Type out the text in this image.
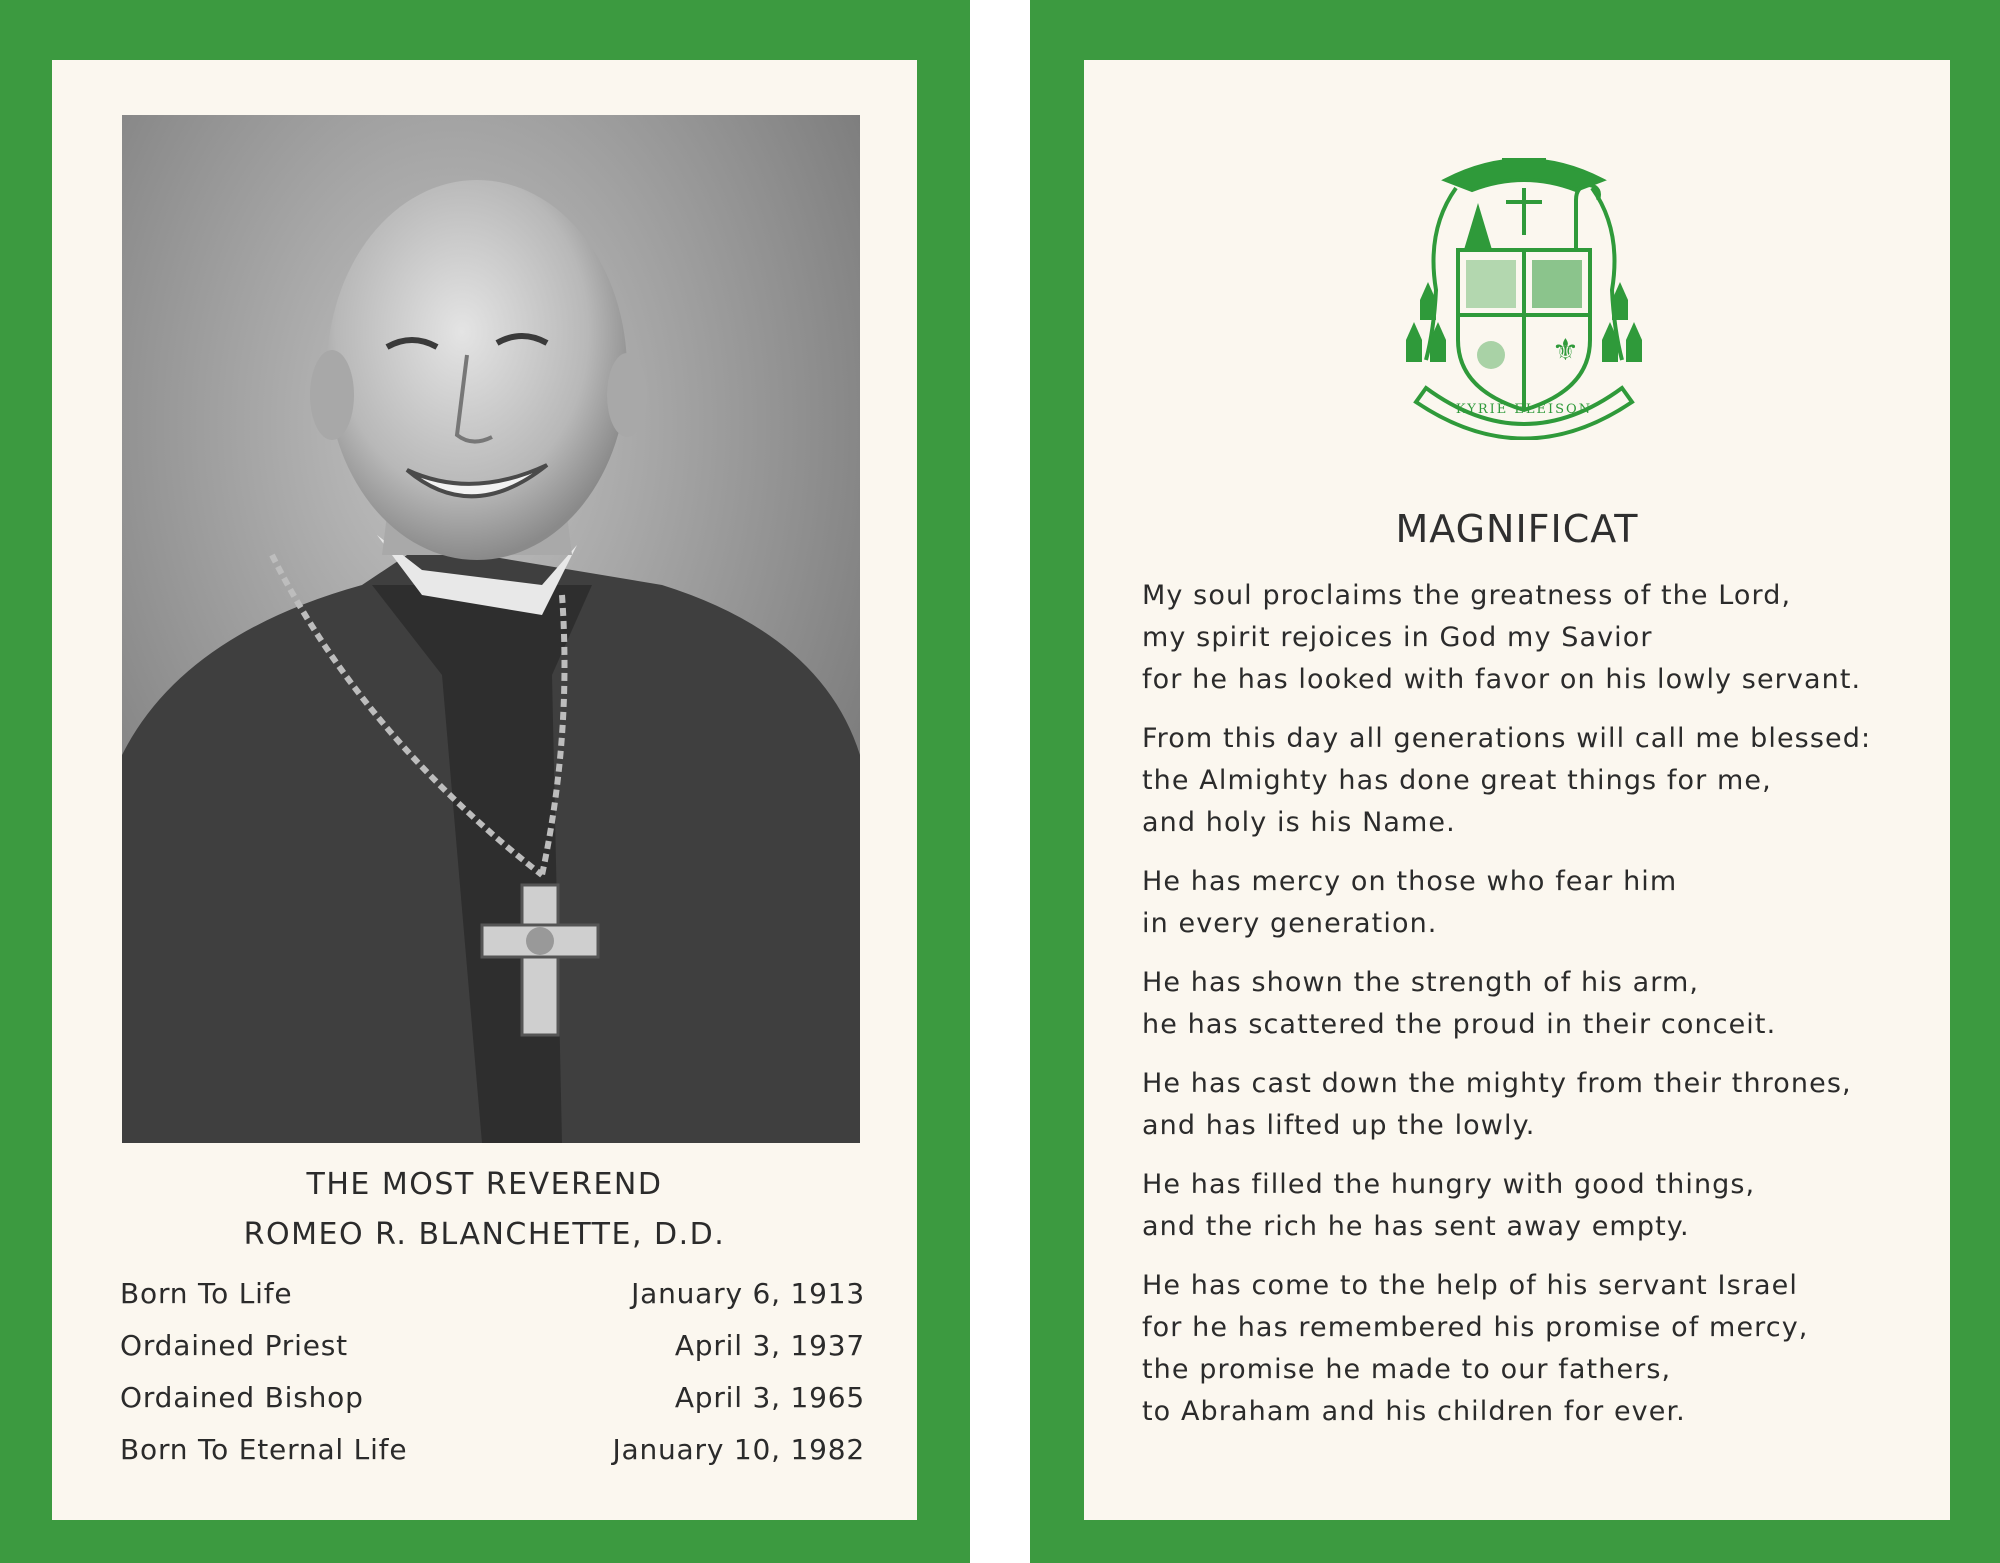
THE MOST REVEREND
ROMEO R. BLANCHETTE, D.D.
Born To Life	January 6, 1913
Ordained Priest	April 3, 1937
Ordained Bishop	April 3, 1965
Born To Eternal Life	January 10, 1982
⚜
KYRIE ELEISON
MAGNIFICAT
My soul proclaims the greatness of the Lord,
my spirit rejoices in God my Savior
for he has looked with favor on his lowly servant.
From this day all generations will call me blessed:
the Almighty has done great things for me,
and holy is his Name.
He has mercy on those who fear him
in every generation.
He has shown the strength of his arm,
he has scattered the proud in their conceit.
He has cast down the mighty from their thrones,
and has lifted up the lowly.
He has filled the hungry with good things,
and the rich he has sent away empty.
He has come to the help of his servant Israel
for he has remembered his promise of mercy,
the promise he made to our fathers,
to Abraham and his children for ever.
